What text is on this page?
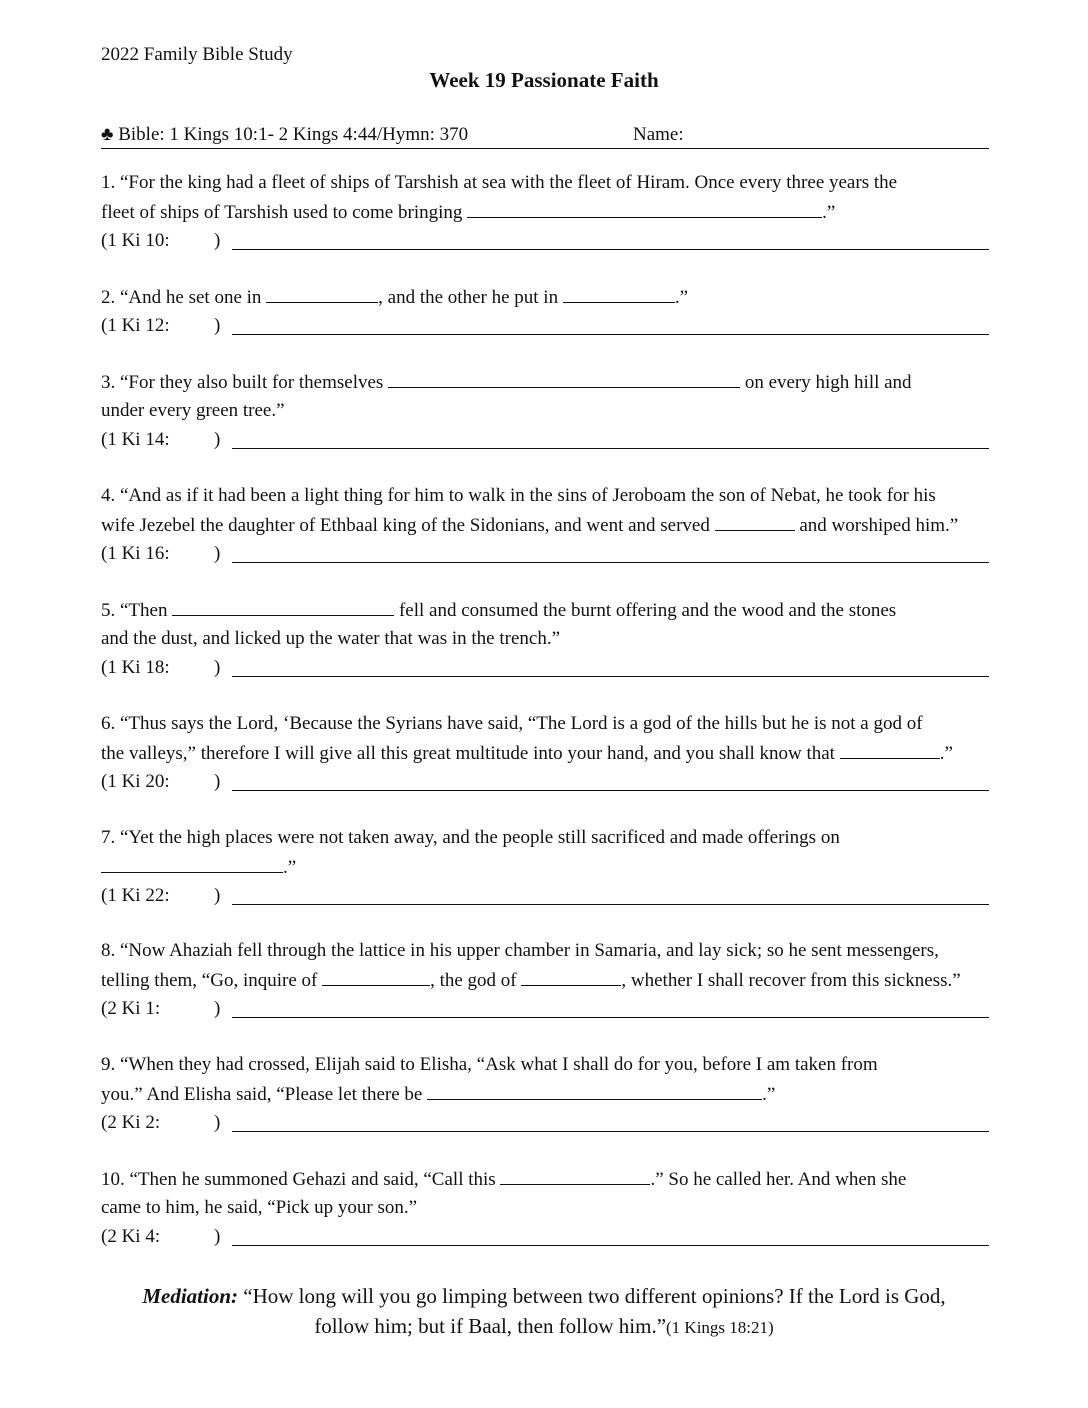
2022 Family Bible Study
Week 19 Passionate Faith
♣ Bible: 1 Kings 10:1- 2 Kings 4:44/Hymn: 370	Name:
1. “For the king had a fleet of ships of Tarshish at sea with the fleet of Hiram. Once every three years the
fleet of ships of Tarshish used to come bringing	.”
(1 Ki 10: )
2. “And he set one in	, and the other he put in	.”
(1 Ki 12: )
3. “For they also built for themselves	on every high hill and
under every green tree.”
(1 Ki 14: )
4. “And as if it had been a light thing for him to walk in the sins of Jeroboam the son of Nebat, he took for his
wife Jezebel the daughter of Ethbaal king of the Sidonians, and went and served	and worshiped him.”
(1 Ki 16: )
5. “Then	fell and consumed the burnt offering and the wood and the stones
and the dust, and licked up the water that was in the trench.”
(1 Ki 18: )
6. “Thus says the Lord, ‘Because the Syrians have said, “The Lord is a god of the hills but he is not a god of
the valleys,” therefore I will give all this great multitude into your hand, and you shall know that	.”
(1 Ki 20: )
7. “Yet the high places were not taken away, and the people still sacrificed and made offerings on
.”
(1 Ki 22: )
8. “Now Ahaziah fell through the lattice in his upper chamber in Samaria, and lay sick; so he sent messengers,
telling them, “Go, inquire of	, the god of	, whether I shall recover from this sickness.”
(2 Ki 1:	)
9. “When they had crossed, Elijah said to Elisha, “Ask what I shall do for you, before I am taken from
you.” And Elisha said, “Please let there be	.”
(2 Ki 2:	)
10. “Then he summoned Gehazi and said, “Call this	.” So he called her. And when she
came to him, he said, “Pick up your son.”
(2 Ki 4:	)
Mediation: “How long will you go limping between two different opinions? If the Lord is God,
follow him; but if Baal, then follow him.”(1 Kings 18:21)
